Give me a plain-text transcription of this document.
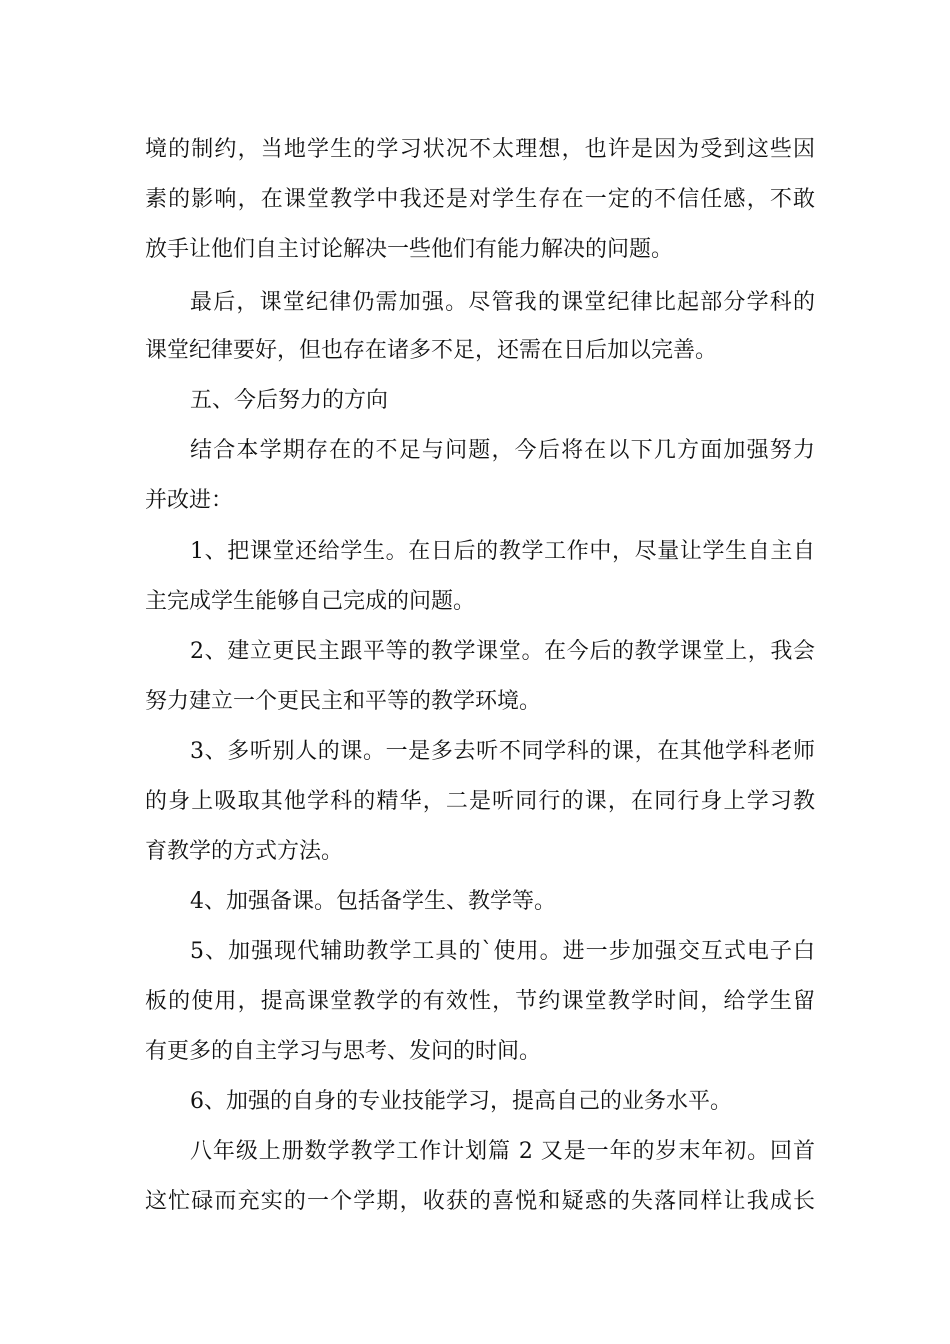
境的制约，当地学生的学习状况不太理想，也许是因为受到这些因
素的影响，在课堂教学中我还是对学生存在一定的不信任感，不敢
放手让他们自主讨论解决一些他们有能力解决的问题。
最后，课堂纪律仍需加强。尽管我的课堂纪律比起部分学科的
课堂纪律要好，但也存在诸多不足，还需在日后加以完善。
五、今后努力的方向
结合本学期存在的不足与问题，今后将在以下几方面加强努力
并改进：
1、把课堂还给学生。在日后的教学工作中，尽量让学生自主自
主完成学生能够自己完成的问题。
2、建立更民主跟平等的教学课堂。在今后的教学课堂上，我会
努力建立一个更民主和平等的教学环境。
3、多听别人的课。一是多去听不同学科的课，在其他学科老师
的身上吸取其他学科的精华，二是听同行的课，在同行身上学习教
育教学的方式方法。
4、加强备课。包括备学生、教学等。
5、加强现代辅助教学工具的`使用。进一步加强交互式电子白
板的使用，提高课堂教学的有效性，节约课堂教学时间，给学生留
有更多的自主学习与思考、发问的时间。
6、加强的自身的专业技能学习，提高自己的业务水平。
八年级上册数学教学工作计划篇 2 又是一年的岁末年初。回首
这忙碌而充实的一个学期，收获的喜悦和疑惑的失落同样让我成长
